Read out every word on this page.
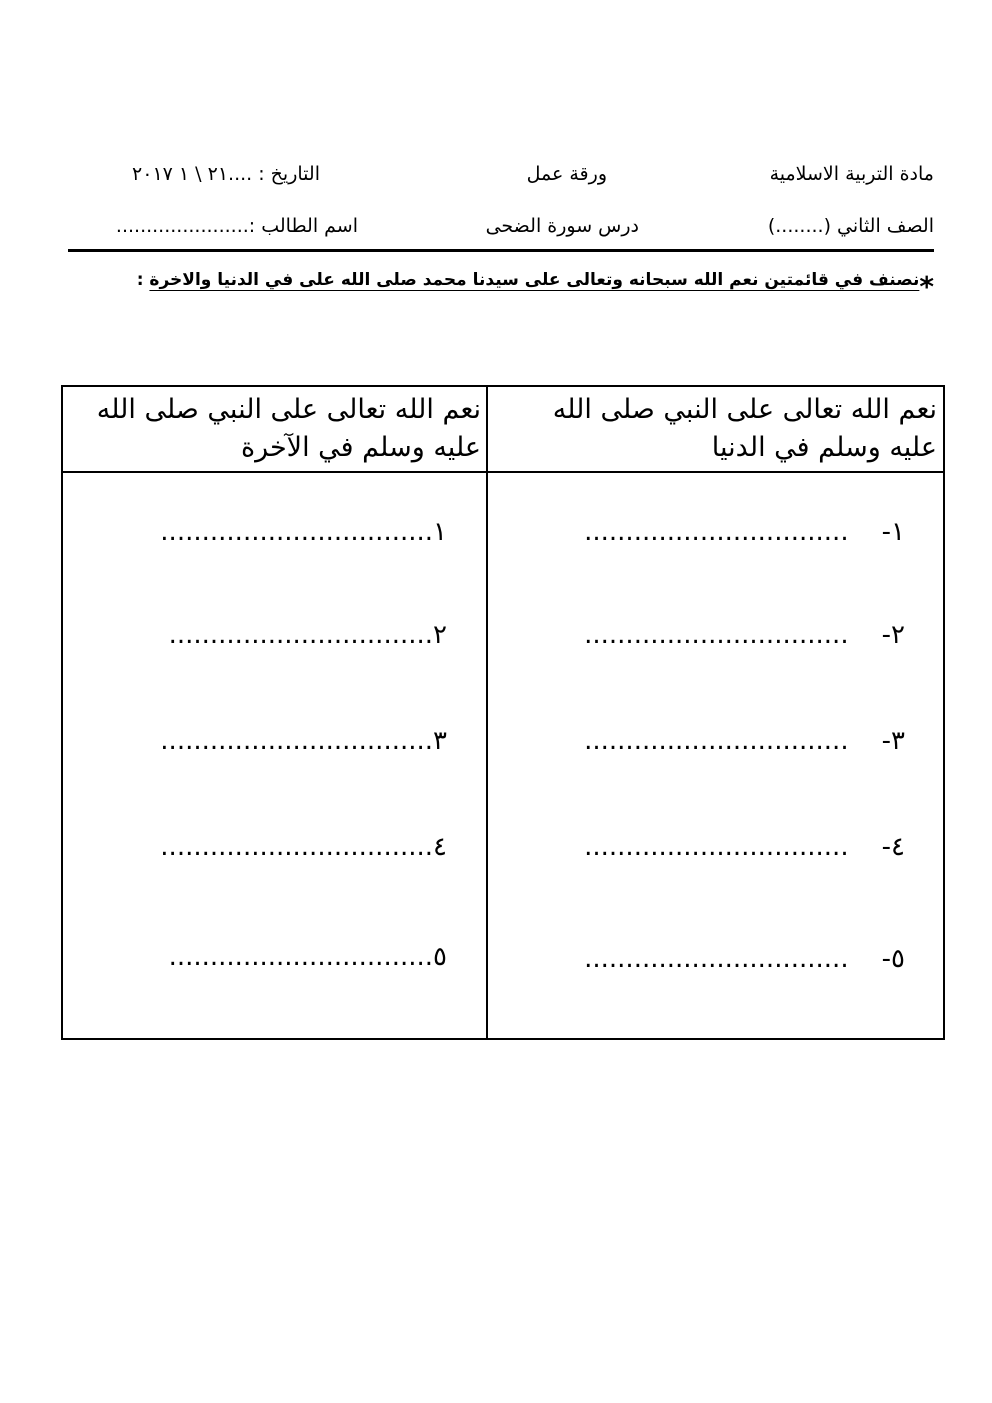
مادة التربية الاسلامية
ورقة عمل
التاريخ : ....٢١ \ ١ ٢٠١٧
الصف الثاني (........)
درس سورة الضحى
اسم الطالب :......................
*نصنف في قائمتين نعم الله سبحانه وتعالى على سيدنا محمد صلى الله على في الدنيا والاخرة :
نعم الله تعالى على النبي صلى الله عليه وسلم في الدنيا
نعم الله تعالى على النبي صلى الله عليه وسلم في الآخرة
١-    ................................
٢-    ................................
٣-    ................................
٤-    ................................
٥-    ................................
١.................................
٢................................
٣.................................
٤.................................
٥................................
